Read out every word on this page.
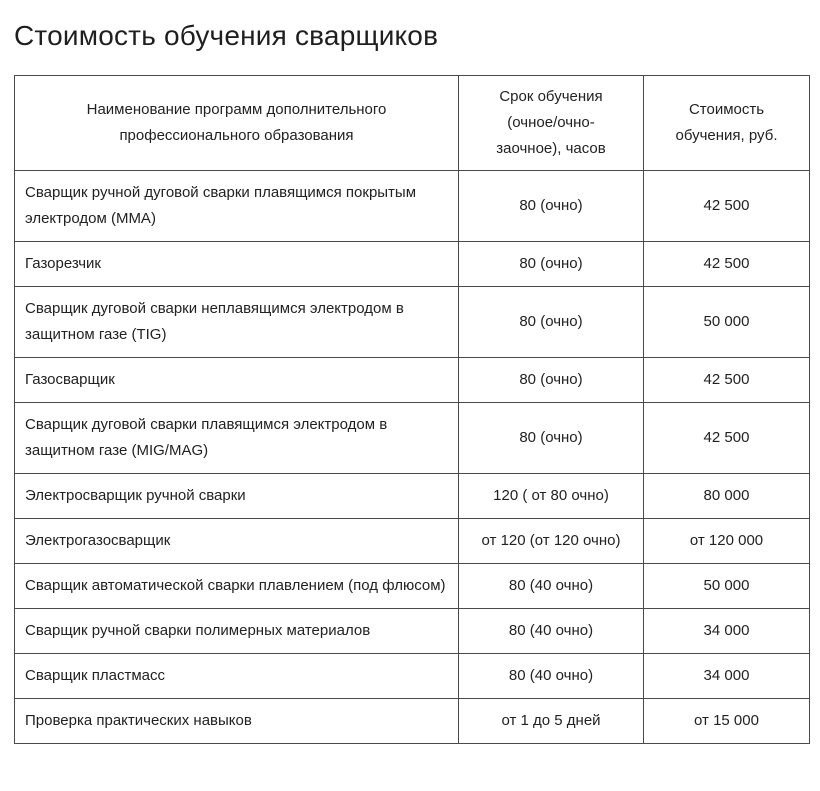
Стоимость обучения сварщиков
Наименование программ дополнительного профессионального образования	Срок обучения (очное/очно-заочное), часов	Стоимость обучения, руб.
Сварщик ручной дуговой сварки плавящимся покрытым электродом (MMA)	80 (очно)	42 500
Газорезчик	80 (очно)	42 500
Сварщик дуговой сварки неплавящимся электродом в защитном газе (TIG)	80 (очно)	50 000
Газосварщик	80 (очно)	42 500
Сварщик дуговой сварки плавящимся электродом в защитном газе (MIG/MAG)	80 (очно)	42 500
Электросварщик ручной сварки	120 ( от 80 очно)	80 000
Электрогазосварщик	от 120 (от 120 очно)	от 120 000
Сварщик автоматической сварки плавлением (под флюсом)	80 (40 очно)	50 000
Сварщик ручной сварки полимерных материалов	80 (40 очно)	34 000
Сварщик пластмасс	80 (40 очно)	34 000
Проверка практических навыков	от 1 до 5 дней	от 15 000
